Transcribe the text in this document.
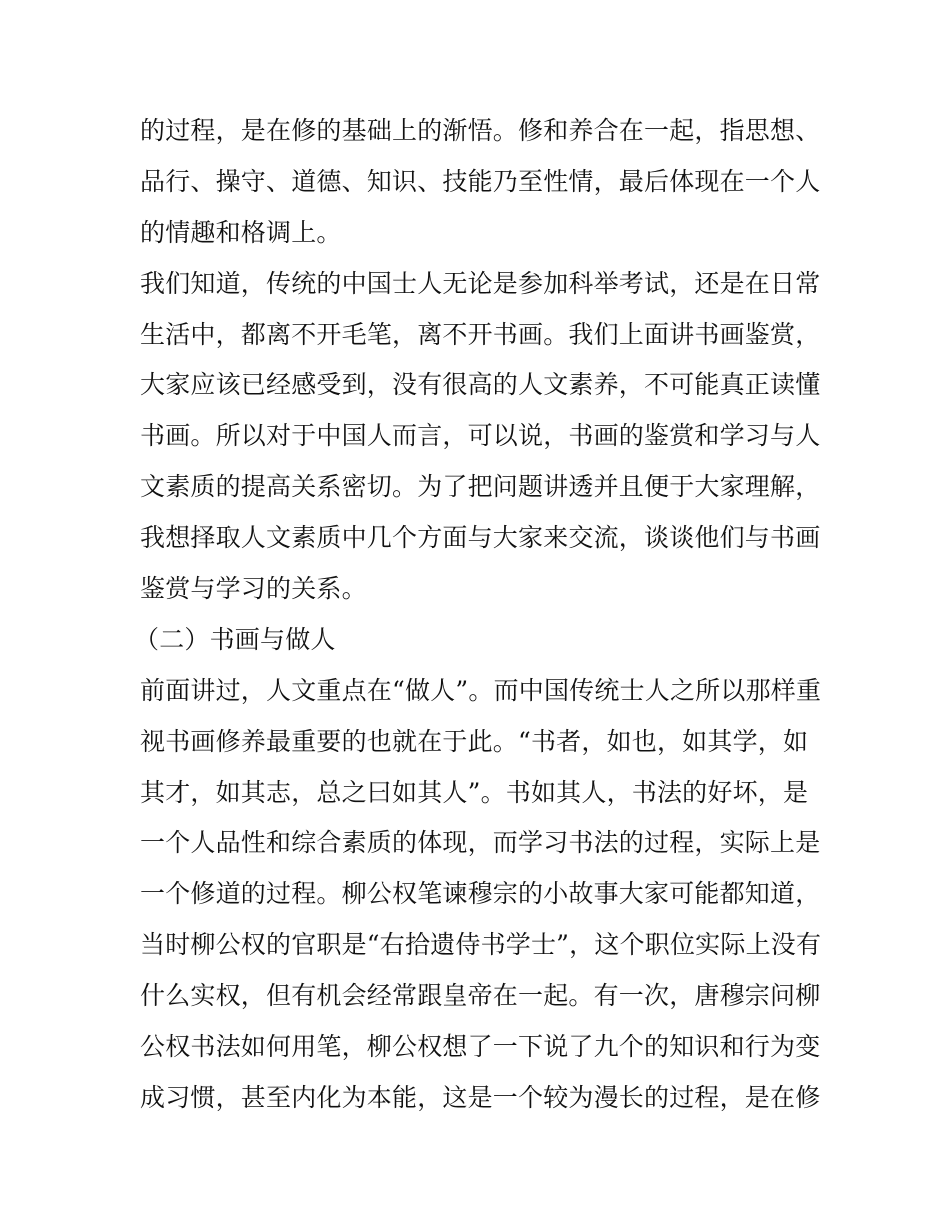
的过程，是在修的基础上的渐悟。修和养合在一起，指思想、
品行、操守、道德、知识、技能乃至性情，最后体现在一个人
的情趣和格调上。
我们知道，传统的中国士人无论是参加科举考试，还是在日常
生活中，都离不开毛笔，离不开书画。我们上面讲书画鉴赏，
大家应该已经感受到，没有很高的人文素养，不可能真正读懂
书画。所以对于中国人而言，可以说，书画的鉴赏和学习与人
文素质的提高关系密切。为了把问题讲透并且便于大家理解，
我想择取人文素质中几个方面与大家来交流，谈谈他们与书画
鉴赏与学习的关系。
（二）书画与做人
前面讲过，人文重点在“做人”。而中国传统士人之所以那样重
视书画修养最重要的也就在于此。“书者，如也，如其学，如
其才，如其志，总之曰如其人”。书如其人，书法的好坏，是
一个人品性和综合素质的体现，而学习书法的过程，实际上是
一个修道的过程。柳公权笔谏穆宗的小故事大家可能都知道，
当时柳公权的官职是“右拾遗侍书学士”，这个职位实际上没有
什么实权，但有机会经常跟皇帝在一起。有一次，唐穆宗问柳
公权书法如何用笔，柳公权想了一下说了九个的知识和行为变
成习惯，甚至内化为本能，这是一个较为漫长的过程，是在修
